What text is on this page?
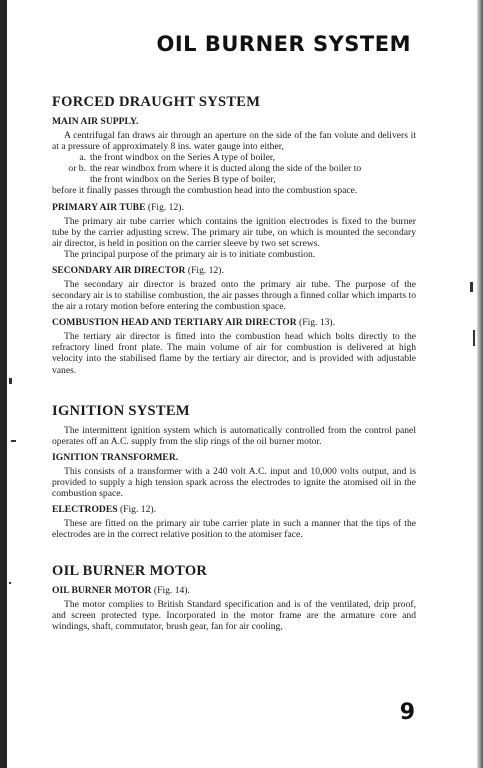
OIL BURNER SYSTEM
FORCED DRAUGHT SYSTEM
MAIN AIR SUPPLY.
A centrifugal fan draws air through an aperture on the side of the fan volute and delivers it at a pressure of approximately 8 ins. water gauge into either,
a. the front windbox on the Series A type of boiler,
or b. the rear windbox from where it is ducted along the side of the boiler to
the front windbox on the Series B type of boiler,
before it finally passes through the combustion head into the combustion space.
PRIMARY AIR TUBE (Fig. 12).
The primary air tube carrier which contains the ignition electrodes is fixed to the burner tube by the carrier adjusting screw. The primary air tube, on which is mounted the secondary air director, is held in position on the carrier sleeve by two set screws.
The principal purpose of the primary air is to initiate combustion.
SECONDARY AIR DIRECTOR (Fig. 12).
The secondary air director is brazed onto the primary air tube. The purpose of the secondary air is to stabilise combustion, the air passes through a finned collar which imparts to the air a rotary motion before entering the combustion space.
COMBUSTION HEAD AND TERTIARY AIR DIRECTOR (Fig. 13).
The tertiary air director is fitted into the combustion head which bolts directly to the refractory lined front plate. The main volume of air for combustion is delivered at high velocity into the stabilised flame by the tertiary air director, and is provided with adjustable vanes.
IGNITION SYSTEM
The intermittent ignition system which is automatically controlled from the control panel operates off an A.C. supply from the slip rings of the oil burner motor.
IGNITION TRANSFORMER.
This consists of a transformer with a 240 volt A.C. input and 10,000 volts output, and is provided to supply a high tension spark across the electrodes to ignite the atomised oil in the combustion space.
ELECTRODES (Fig. 12).
These are fitted on the primary air tube carrier plate in such a manner that the tips of the electrodes are in the correct relative position to the atomiser face.
OIL BURNER MOTOR
OIL BURNER MOTOR (Fig. 14).
The motor complies to British Standard specification and is of the ventilated, drip proof, and screen protected type. Incorporated in the motor frame are the armature core and windings, shaft, commutator, brush gear, fan for air cooling,
9
